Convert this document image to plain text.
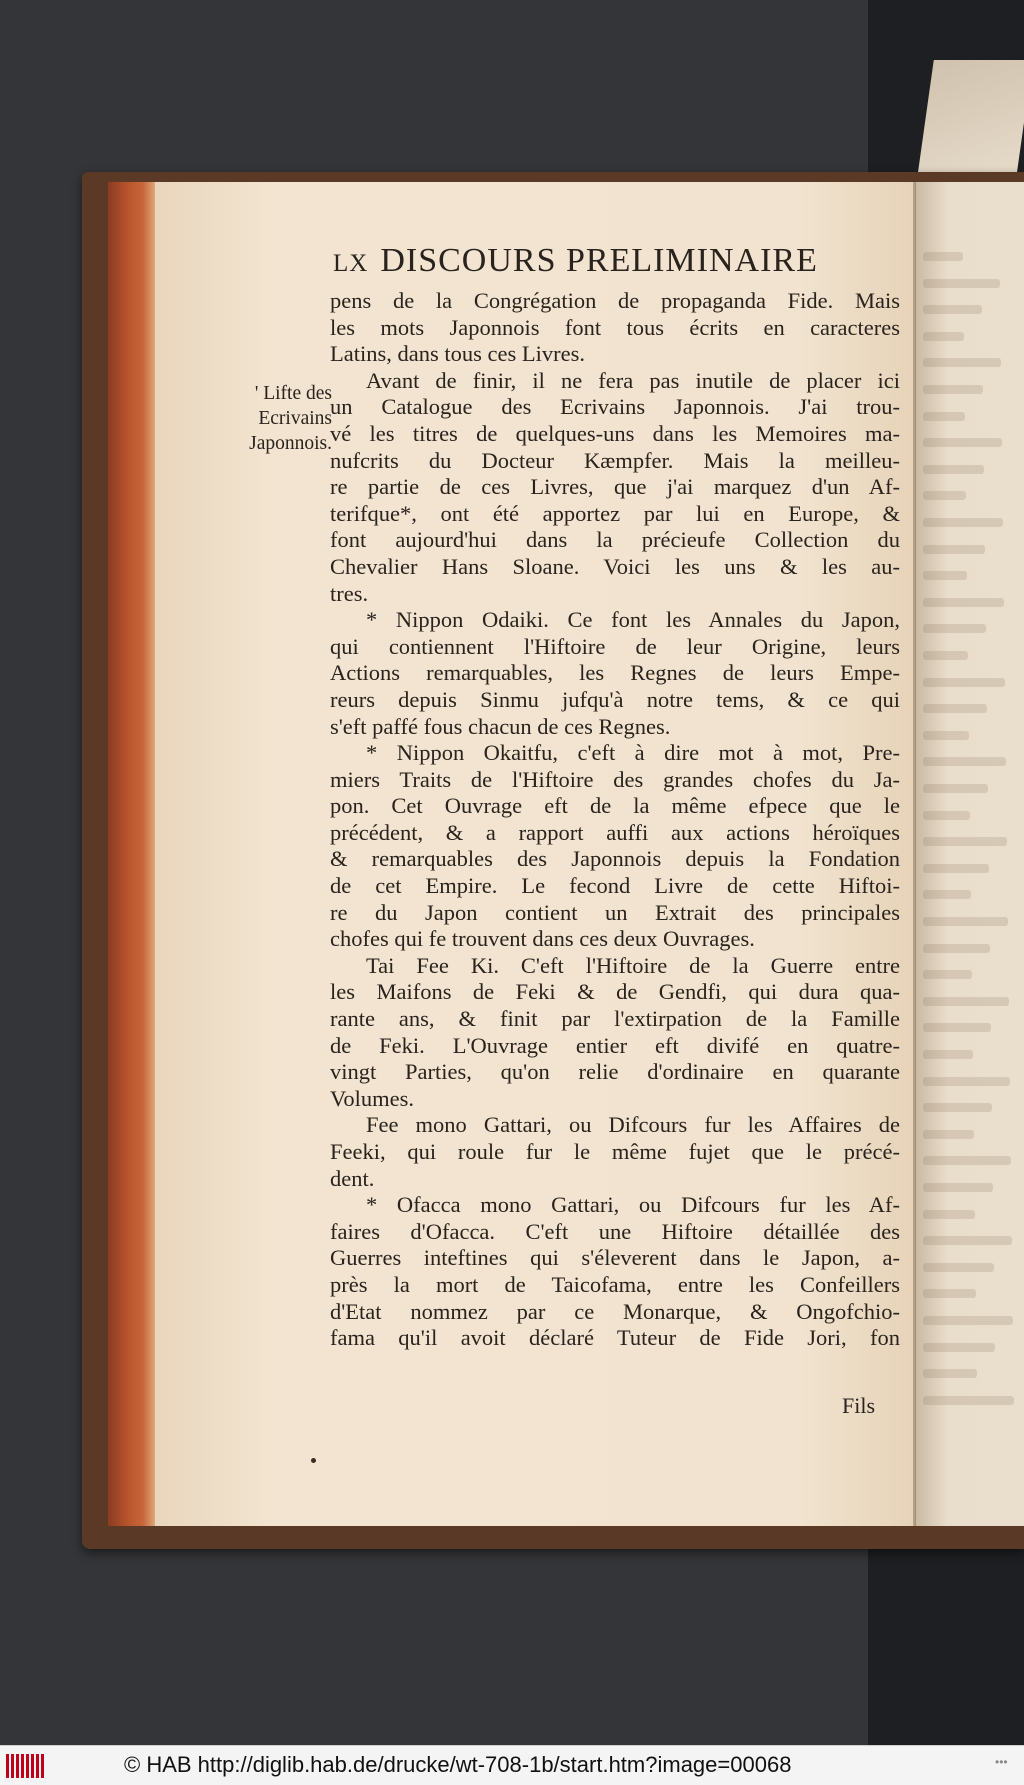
LX DISCOURS PRELIMINAIRE
' Lifte des
Ecrivains
Japonnois.

pens de la Congrégation de propaganda Fide. Mais

les mots Japonnois font tous écrits en caracteres

Latins, dans tous ces Livres.

Avant de finir, il ne fera pas inutile de placer ici

un Catalogue des Ecrivains Japonnois. J'ai trou-

vé les titres de quelques-uns dans les Memoires ma-

nufcrits du Docteur Kæmpfer. Mais la meilleu-

re partie de ces Livres, que j'ai marquez d'un Af-

terifque*, ont été apportez par lui en Europe, &

font aujourd'hui dans la précieufe Collection du

Chevalier Hans Sloane. Voici les uns & les au-

tres.

* Nippon Odaiki. Ce font les Annales du Japon,

qui contiennent l'Hiftoire de leur Origine, leurs

Actions remarquables, les Regnes de leurs Empe-

reurs depuis Sinmu jufqu'à notre tems, & ce qui

s'eft paffé fous chacun de ces Regnes.

* Nippon Okaitfu, c'eft à dire mot à mot, Pre-

miers Traits de l'Hiftoire des grandes chofes du Ja-

pon. Cet Ouvrage eft de la même efpece que le

précédent, & a rapport auffi aux actions héroïques

& remarquables des Japonnois depuis la Fondation

de cet Empire. Le fecond Livre de cette Hiftoi-

re du Japon contient un Extrait des principales

chofes qui fe trouvent dans ces deux Ouvrages.

Tai Fee Ki. C'eft l'Hiftoire de la Guerre entre

les Maifons de Feki & de Gendfi, qui dura qua-

rante ans, & finit par l'extirpation de la Famille

de Feki. L'Ouvrage entier eft divifé en quatre-

vingt Parties, qu'on relie d'ordinaire en quarante

Volumes.

Fee mono Gattari, ou Difcours fur les Affaires de

Feeki, qui roule fur le même fujet que le précé-

dent.

* Ofacca mono Gattari, ou Difcours fur les Af-

faires d'Ofacca. C'eft une Hiftoire détaillée des

Guerres inteftines qui s'éleverent dans le Japon, a-

près la mort de Taicofama, entre les Confeillers

d'Etat nommez par ce Monarque, & Ongofchio-

fama qu'il avoit déclaré Tuteur de Fide Jori, fon

Fils
© HAB http://diglib.hab.de/drucke/wt-708-1b/start.htm?image=00068	•••
